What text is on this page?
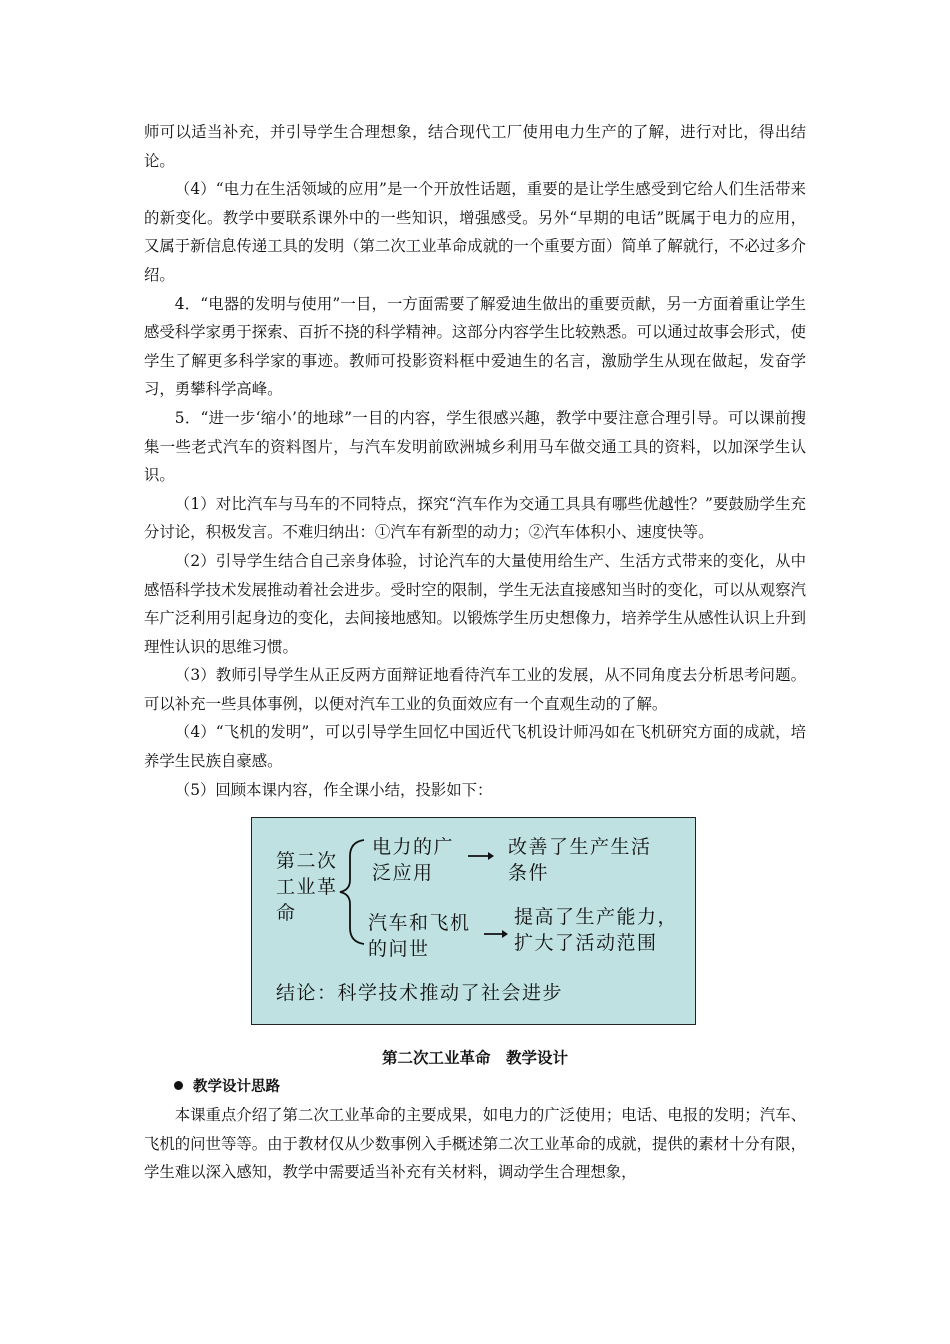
师可以适当补充，并引导学生合理想象，结合现代工厂使用电力生产的了解，进行对比，得出结论。

（4）“电力在生活领域的应用”是一个开放性话题，重要的是让学生感受到它给人们生活带来的新变化。教学中要联系课外中的一些知识，增强感受。另外“早期的电话”既属于电力的应用，又属于新信息传递工具的发明（第二次工业革命成就的一个重要方面）简单了解就行，不必过多介绍。

4．“电器的发明与使用”一目，一方面需要了解爱迪生做出的重要贡献，另一方面着重让学生感受科学家勇于探索、百折不挠的科学精神。这部分内容学生比较熟悉。可以通过故事会形式，使学生了解更多科学家的事迹。教师可投影资料框中爱迪生的名言，激励学生从现在做起，发奋学习，勇攀科学高峰。

5．“进一步‘缩小’的地球”一目的内容，学生很感兴趣，教学中要注意合理引导。可以课前搜集一些老式汽车的资料图片，与汽车发明前欧洲城乡利用马车做交通工具的资料，以加深学生认识。

（1）对比汽车与马车的不同特点，探究“汽车作为交通工具具有哪些优越性？”要鼓励学生充分讨论，积极发言。不难归纳出：①汽车有新型的动力；②汽车体积小、速度快等。

（2）引导学生结合自己亲身体验，讨论汽车的大量使用给生产、生活方式带来的变化，从中感悟科学技术发展推动着社会进步。受时空的限制，学生无法直接感知当时的变化，可以从观察汽车广泛利用引起身边的变化，去间接地感知。以锻炼学生历史想像力，培养学生从感性认识上升到理性认识的思维习惯。

（3）教师引导学生从正反两方面辩证地看待汽车工业的发展，从不同角度去分析思考问题。可以补充一些具体事例，以便对汽车工业的负面效应有一个直观生动的了解。

（4）“飞机的发明”，可以引导学生回忆中国近代飞机设计师冯如在飞机研究方面的成就，培养学生民族自豪感。

（5）回顾本课内容，作全课小结，投影如下：

第二次
工业革
命
电力的广
泛应用
改善了生产生活
条件
汽车和飞机
的问世
提高了生产能力，
扩大了活动范围
结论：科学技术推动了社会进步
第二次工业革命　教学设计
教学设计思路

本课重点介绍了第二次工业革命的主要成果，如电力的广泛使用；电话、电报的发明；汽车、飞机的问世等等。由于教材仅从少数事例入手概述第二次工业革命的成就，提供的素材十分有限，学生难以深入感知，教学中需要适当补充有关材料，调动学生合理想象，
